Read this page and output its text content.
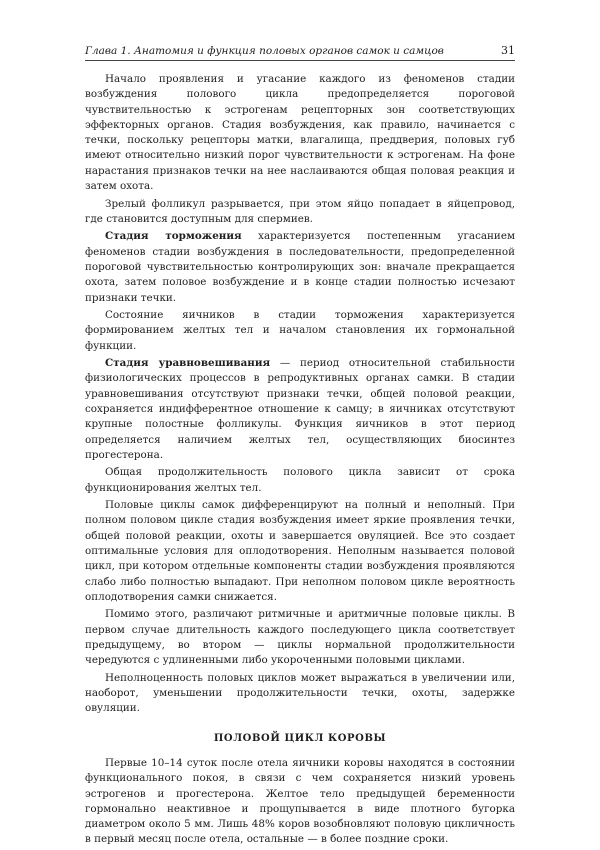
Глава 1. Анатомия и функция половых органов самок и самцов	31

Начало проявления и угасание каждого из феноменов стадии возбуждения полового цикла предопределяется пороговой чувствительностью к эстрогенам рецепторных зон соответствующих эффекторных органов. Стадия возбуждения, как правило, начинается с течки, поскольку рецепторы матки, влагалища, преддверия, половых губ имеют относительно низкий порог чувствительности к эстрогенам. На фоне нарастания признаков течки на нее наслаиваются общая половая реакция и затем охота.

Зрелый фолликул разрывается, при этом яйцо попадает в яйцепровод, где становится доступным для спермиев.

Стадия торможения характеризуется постепенным угасанием феноменов стадии возбуждения в последовательности, предопределенной пороговой чувствительностью контролирующих зон: вначале прекращается охота, затем половое возбуждение и в конце стадии полностью исчезают признаки течки.

Состояние яичников в стадии торможения характеризуется формированием желтых тел и началом становления их гормональной функции.

Стадия уравновешивания — период относительной стабильности физиологических процессов в репродуктивных органах самки. В стадии уравновешивания отсутствуют признаки течки, общей половой реакции, сохраняется индифферентное отношение к самцу; в яичниках отсутствуют крупные полостные фолликулы. Функция яичников в этот период определяется наличием желтых тел, осуществляющих биосинтез прогестерона.

Общая продолжительность полового цикла зависит от срока функционирования желтых тел.

Половые циклы самок дифференцируют на полный и неполный. При полном половом цикле стадия возбуждения имеет яркие проявления течки, общей половой реакции, охоты и завершается овуляцией. Все это создает оптимальные условия для оплодотворения. Неполным называется половой цикл, при котором отдельные компоненты стадии возбуждения проявляются слабо либо полностью выпадают. При неполном половом цикле вероятность оплодотворения самки снижается.

Помимо этого, различают ритмичные и аритмичные половые циклы. В первом случае длительность каждого последующего цикла соответствует предыдущему, во втором — циклы нормальной продолжительности чередуются с удлиненными либо укороченными половыми циклами.

Неполноценность половых циклов может выражаться в увеличении или, наоборот, уменьшении продолжительности течки, охоты, задержке овуляции.

ПОЛОВОЙ ЦИКЛ КОРОВЫ

Первые 10–14 суток после отела яичники коровы находятся в состоянии функционального покоя, в связи с чем сохраняется низкий уровень эстрогенов и прогестерона. Желтое тело предыдущей беременности гормонально неактивное и прощупывается в виде плотного бугорка диаметром около 5 мм. Лишь 48% коров возобновляют половую цикличность в первый месяц после отела, остальные — в более поздние сроки.
